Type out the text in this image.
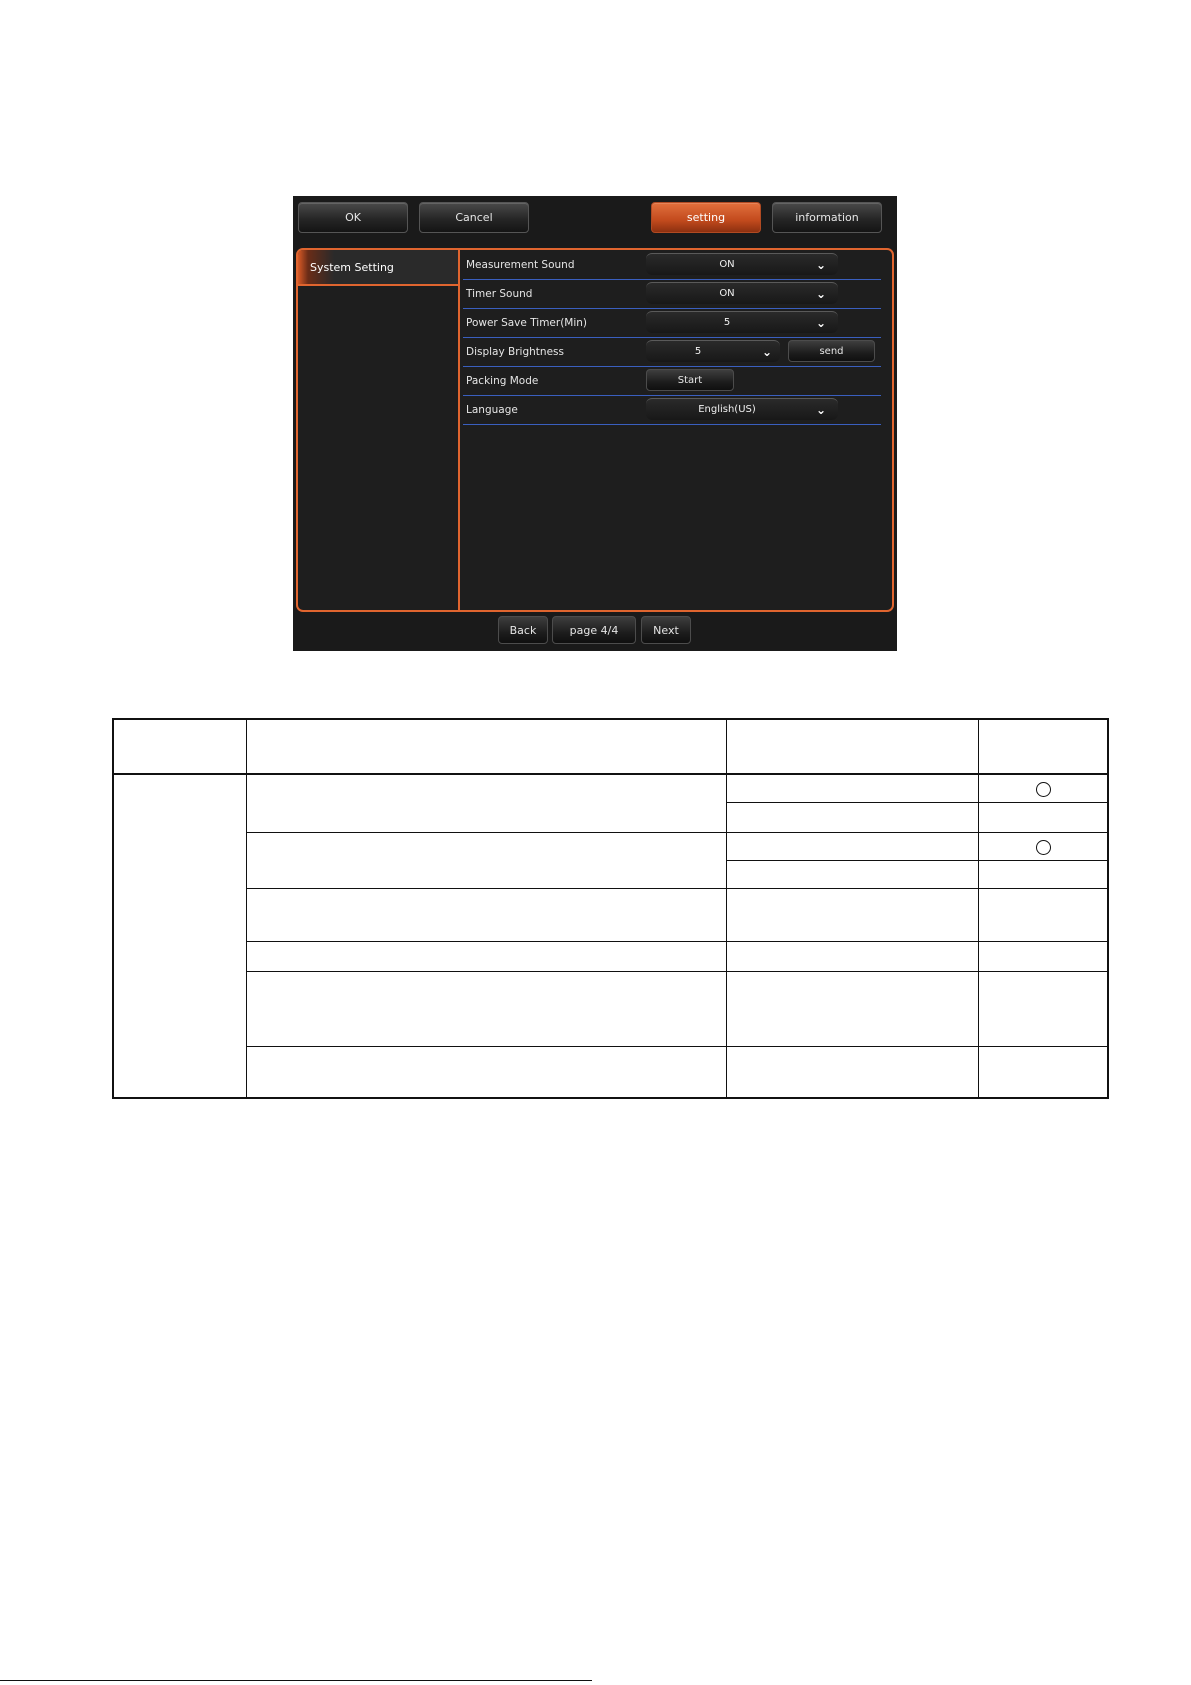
OK	Cancel	setting	information
System Setting	Measurement Sound	ON	⌄
Timer Sound	ON	⌄
Power Save Timer(Min)	5	⌄
Display Brightness	5	⌄	send
Packing Mode	Start
Language	English(US)	⌄
Back	page 4/4	Next
